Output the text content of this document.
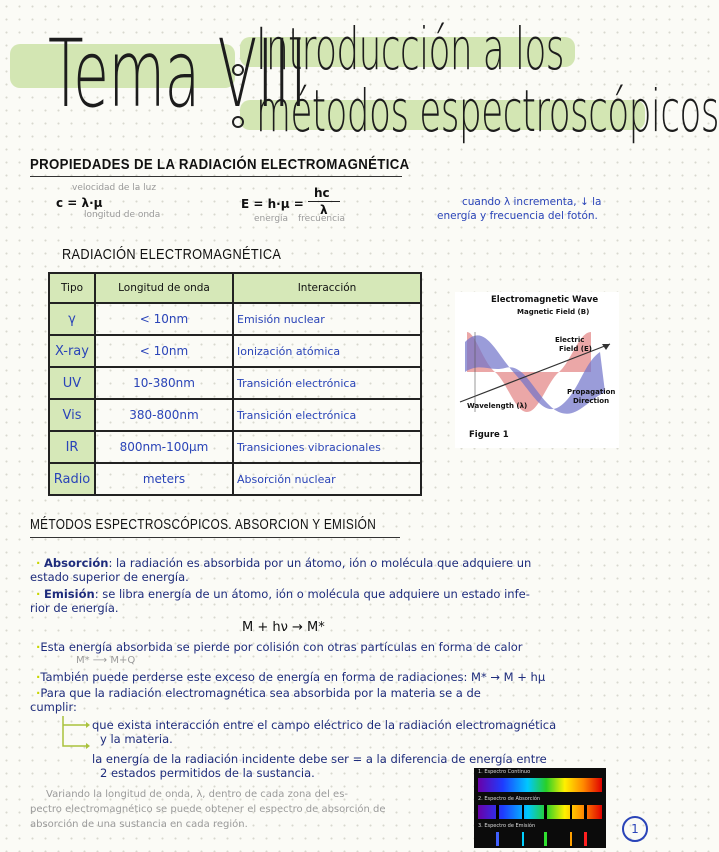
Tema VIII
Introducción a los
métodos espectroscópicos
PROPIEDADES DE LA RADIACIÓN ELECTROMAGNÉTICA
velocidad de la luz
c = λ·μ
longitud de onda
E = h·μ =
hc
λ
energía frecuencia
cuando λ incrementa, ↓ la
energía y frecuencia del fotón.
RADIACIÓN ELECTROMAGNÉTICA
Tipo	Longitud de onda	Interacción
γ	< 10nm	Emisión nuclear
X-ray	< 10nm	Ionización atómica
UV	10-380nm	Transición electrónica
Vis	380-800nm	Transición electrónica
IR	800nm-100μm	Transiciones vibracionales
Radio	meters	Absorción nuclear
Electromagnetic Wave
Magnetic Field (B)
Electric
Field (E)
Propagation
Direction
Wavelength (λ)
Figure 1
MÉTODOS ESPECTROSCÓPICOS. ABSORCION Y EMISIÓN
· Absorción: la radiación es absorbida por un átomo, ión o molécula que adquiere un
estado superior de energía.
· Emisión: se libra energía de un átomo, ión o molécula que adquiere un estado infe-
rior de energía.
M + hν → M*
·Esta energía absorbida se pierde por colisión con otras partículas en forma de calor
M* ⟶ M+Q
·También puede perderse este exceso de energía en forma de radiaciones: M* → M + hμ
·Para que la radiación electromagnética sea absorbida por la materia se a de
cumplir:
que exista interacción entre el campo eléctrico de la radiación electromagnética
y la materia.
la energía de la radiación incidente debe ser = a la diferencia de energía entre
2 estados permitidos de la sustancia.
Variando la longitud de onda, λ, dentro de cada zona del es-
pectro electromagnético se puede obtener el espectro de absorción de
absorción de una sustancia en cada región.
1. Espectro Continuo
2. Espectro de Absorción
3. Espectro de Emisión	1
